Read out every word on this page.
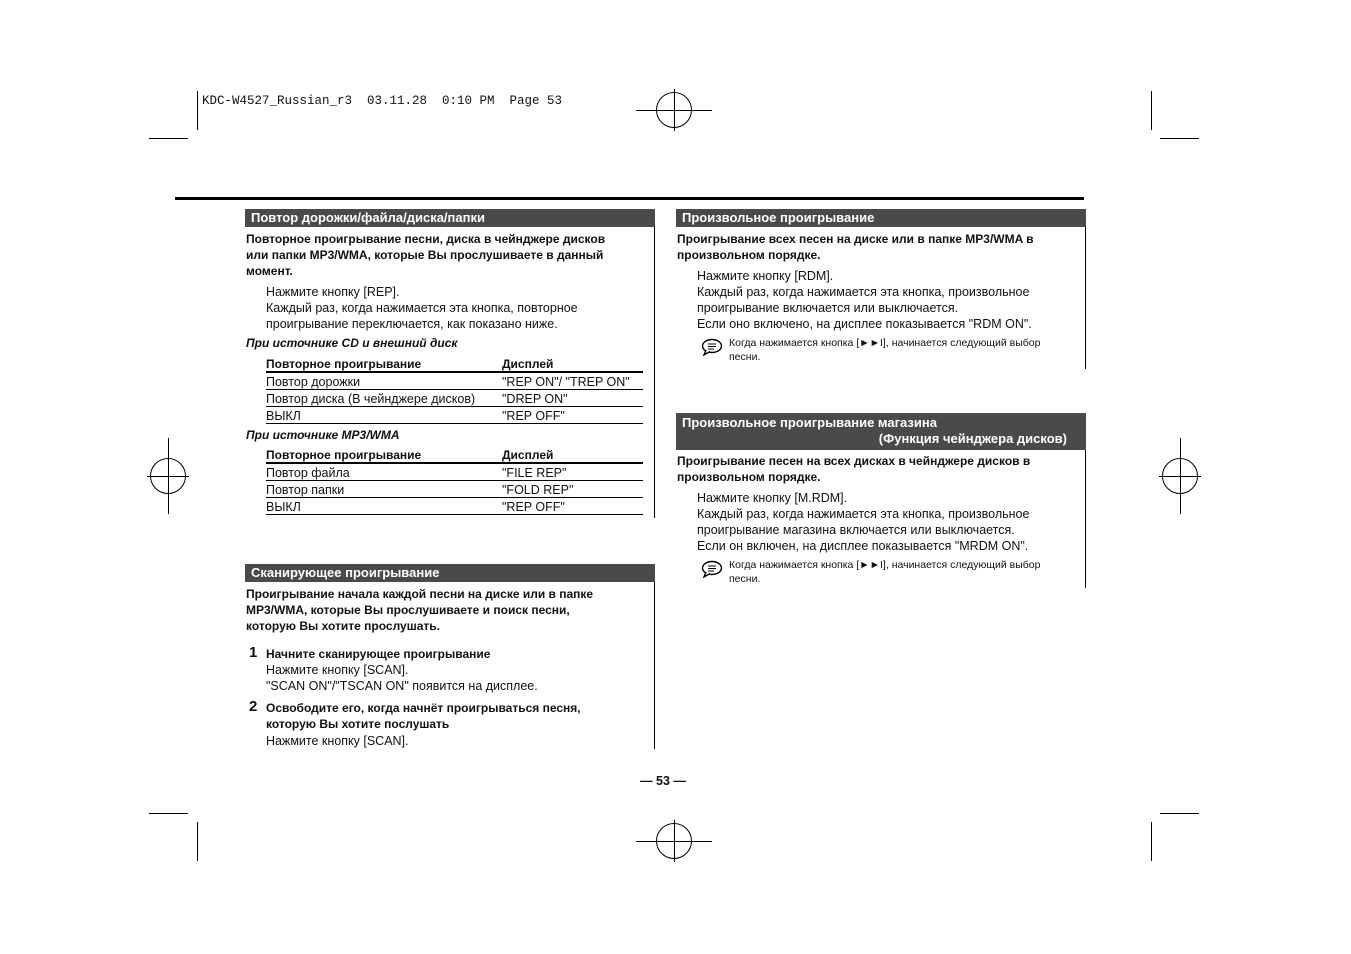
KDC-W4527_Russian_r3  03.11.28  0:10 PM  Page 53
Повтор дорожки/файла/диска/папки
Повторное проигрывание песни, диска в чейнджере дисков
или папки MP3/WMA, которые Вы прослушиваете в данный
момент.
Нажмите кнопку [REP].
Каждый раз, когда нажимается эта кнопка, повторное
проигрывание переключается, как показано ниже.
При источнике CD и внешний диск
Повторное проигрывание	Дисплей
Повтор дорожки	"REP ON"/ "TREP ON"
Повтор диска (В чейнджере дисков)	"DREP ON"
ВЫКЛ	"REP OFF"
При источнике MP3/WMA
Повторное проигрывание	Дисплей
Повтор файла	"FILE REP"
Повтор папки	"FOLD REP"
ВЫКЛ	"REP OFF"
Сканирующее проигрывание
Проигрывание начала каждой песни на диске или в папке
MP3/WMA, которые Вы прослушиваете и поиск песни,
которую Вы хотите прослушать.
1 Начните сканирующее проигрывание
Нажмите кнопку [SCAN].
"SCAN ON"/"TSCAN ON" появится на дисплее.
2 Освободите его, когда начнёт проигрываться песня,
которую Вы хотите послушать
Нажмите кнопку [SCAN].
Произвольное проигрывание
Проигрывание всех песен на диске или в папке MP3/WMA в
произвольном порядке.
Нажмите кнопку [RDM].
Каждый раз, когда нажимается эта кнопка, произвольное
проигрывание включается или выключается.
Если оно включено, на дисплее показывается "RDM ON".
Когда нажимается кнопка [►►I], начинается следующий выбор
песни.
Произвольное проигрывание магазина
(Функция чейнджера дисков)
Проигрывание песен на всех дисках в чейнджере дисков в
произвольном порядке.
Нажмите кнопку [M.RDM].
Каждый раз, когда нажимается эта кнопка, произвольное
проигрывание магазина включается или выключается.
Если он включен, на дисплее показывается "MRDM ON".
Когда нажимается кнопка [►►I], начинается следующий выбор
песни.
— 53 —
